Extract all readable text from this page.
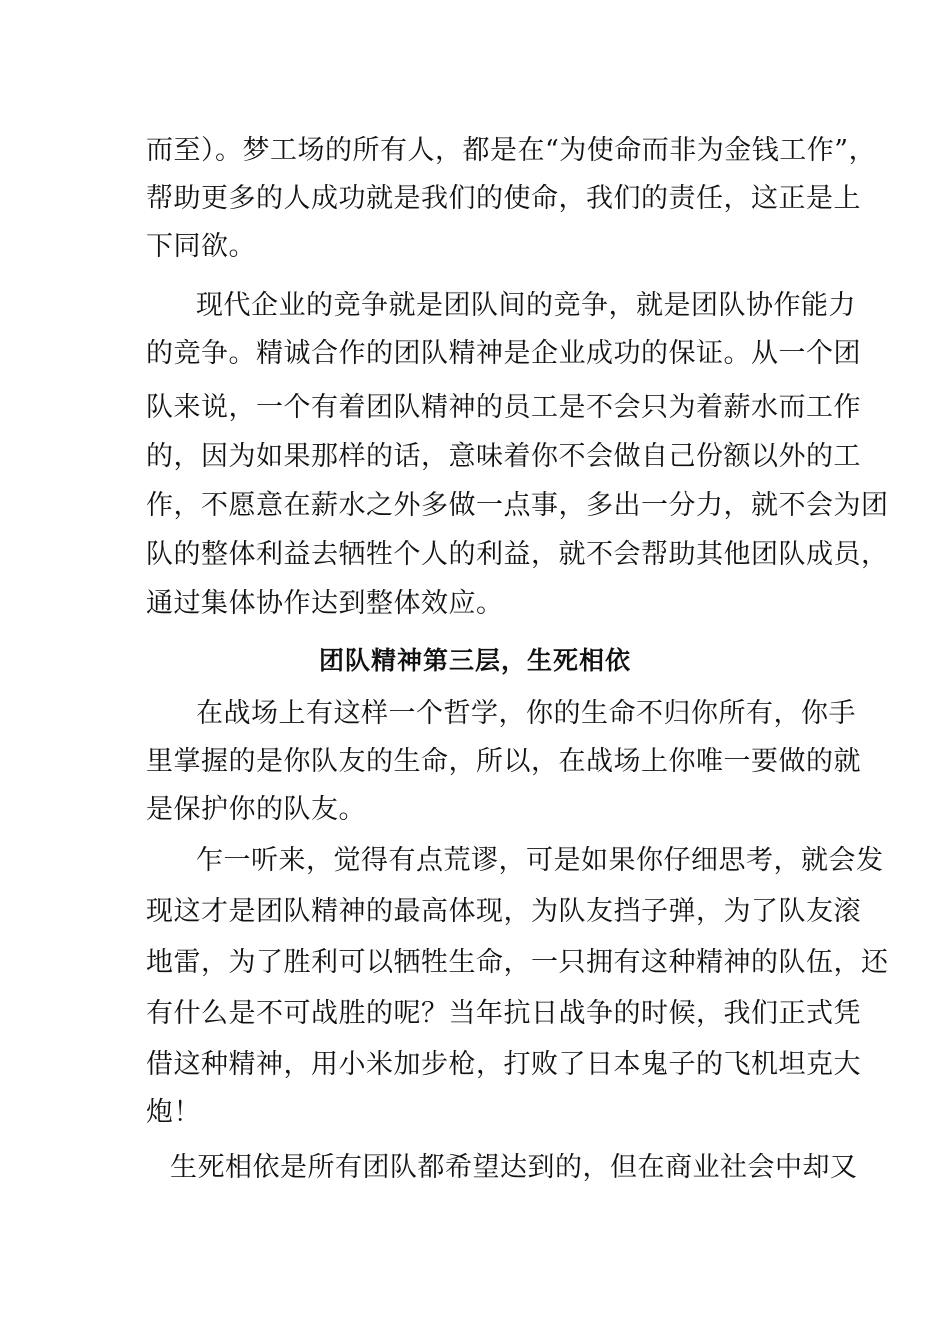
而至）。梦工场的所有人，都是在“为使命而非为金钱工作”，
帮助更多的人成功就是我们的使命，我们的责任，这正是上
下同欲。
现代企业的竞争就是团队间的竞争，就是团队协作能力
的竞争。精诚合作的团队精神是企业成功的保证。从一个团
队来说，一个有着团队精神的员工是不会只为着薪水而工作
的，因为如果那样的话，意味着你不会做自己份额以外的工
作，不愿意在薪水之外多做一点事，多出一分力，就不会为团
队的整体利益去牺牲个人的利益，就不会帮助其他团队成员，
通过集体协作达到整体效应。
团队精神第三层，生死相依
在战场上有这样一个哲学，你的生命不归你所有，你手
里掌握的是你队友的生命，所以，在战场上你唯一要做的就
是保护你的队友。
乍一听来，觉得有点荒谬，可是如果你仔细思考，就会发
现这才是团队精神的最高体现，为队友挡子弹，为了队友滚
地雷，为了胜利可以牺牲生命，一只拥有这种精神的队伍，还
有什么是不可战胜的呢？当年抗日战争的时候，我们正式凭
借这种精神，用小米加步枪，打败了日本鬼子的飞机坦克大
炮！
生死相依是所有团队都希望达到的，但在商业社会中却又
